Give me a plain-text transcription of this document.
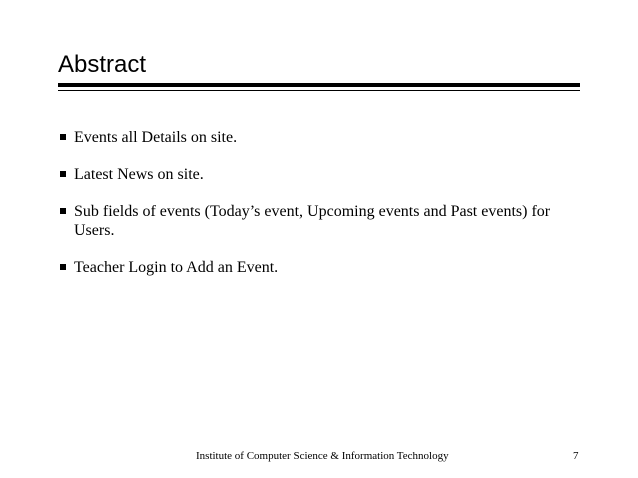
Abstract
Events all Details on site.
Latest News on site.
Sub fields of events (Today’s event, Upcoming events and Past events) for Users.
Teacher Login to Add an Event.
Institute of Computer Science & Information Technology	7
